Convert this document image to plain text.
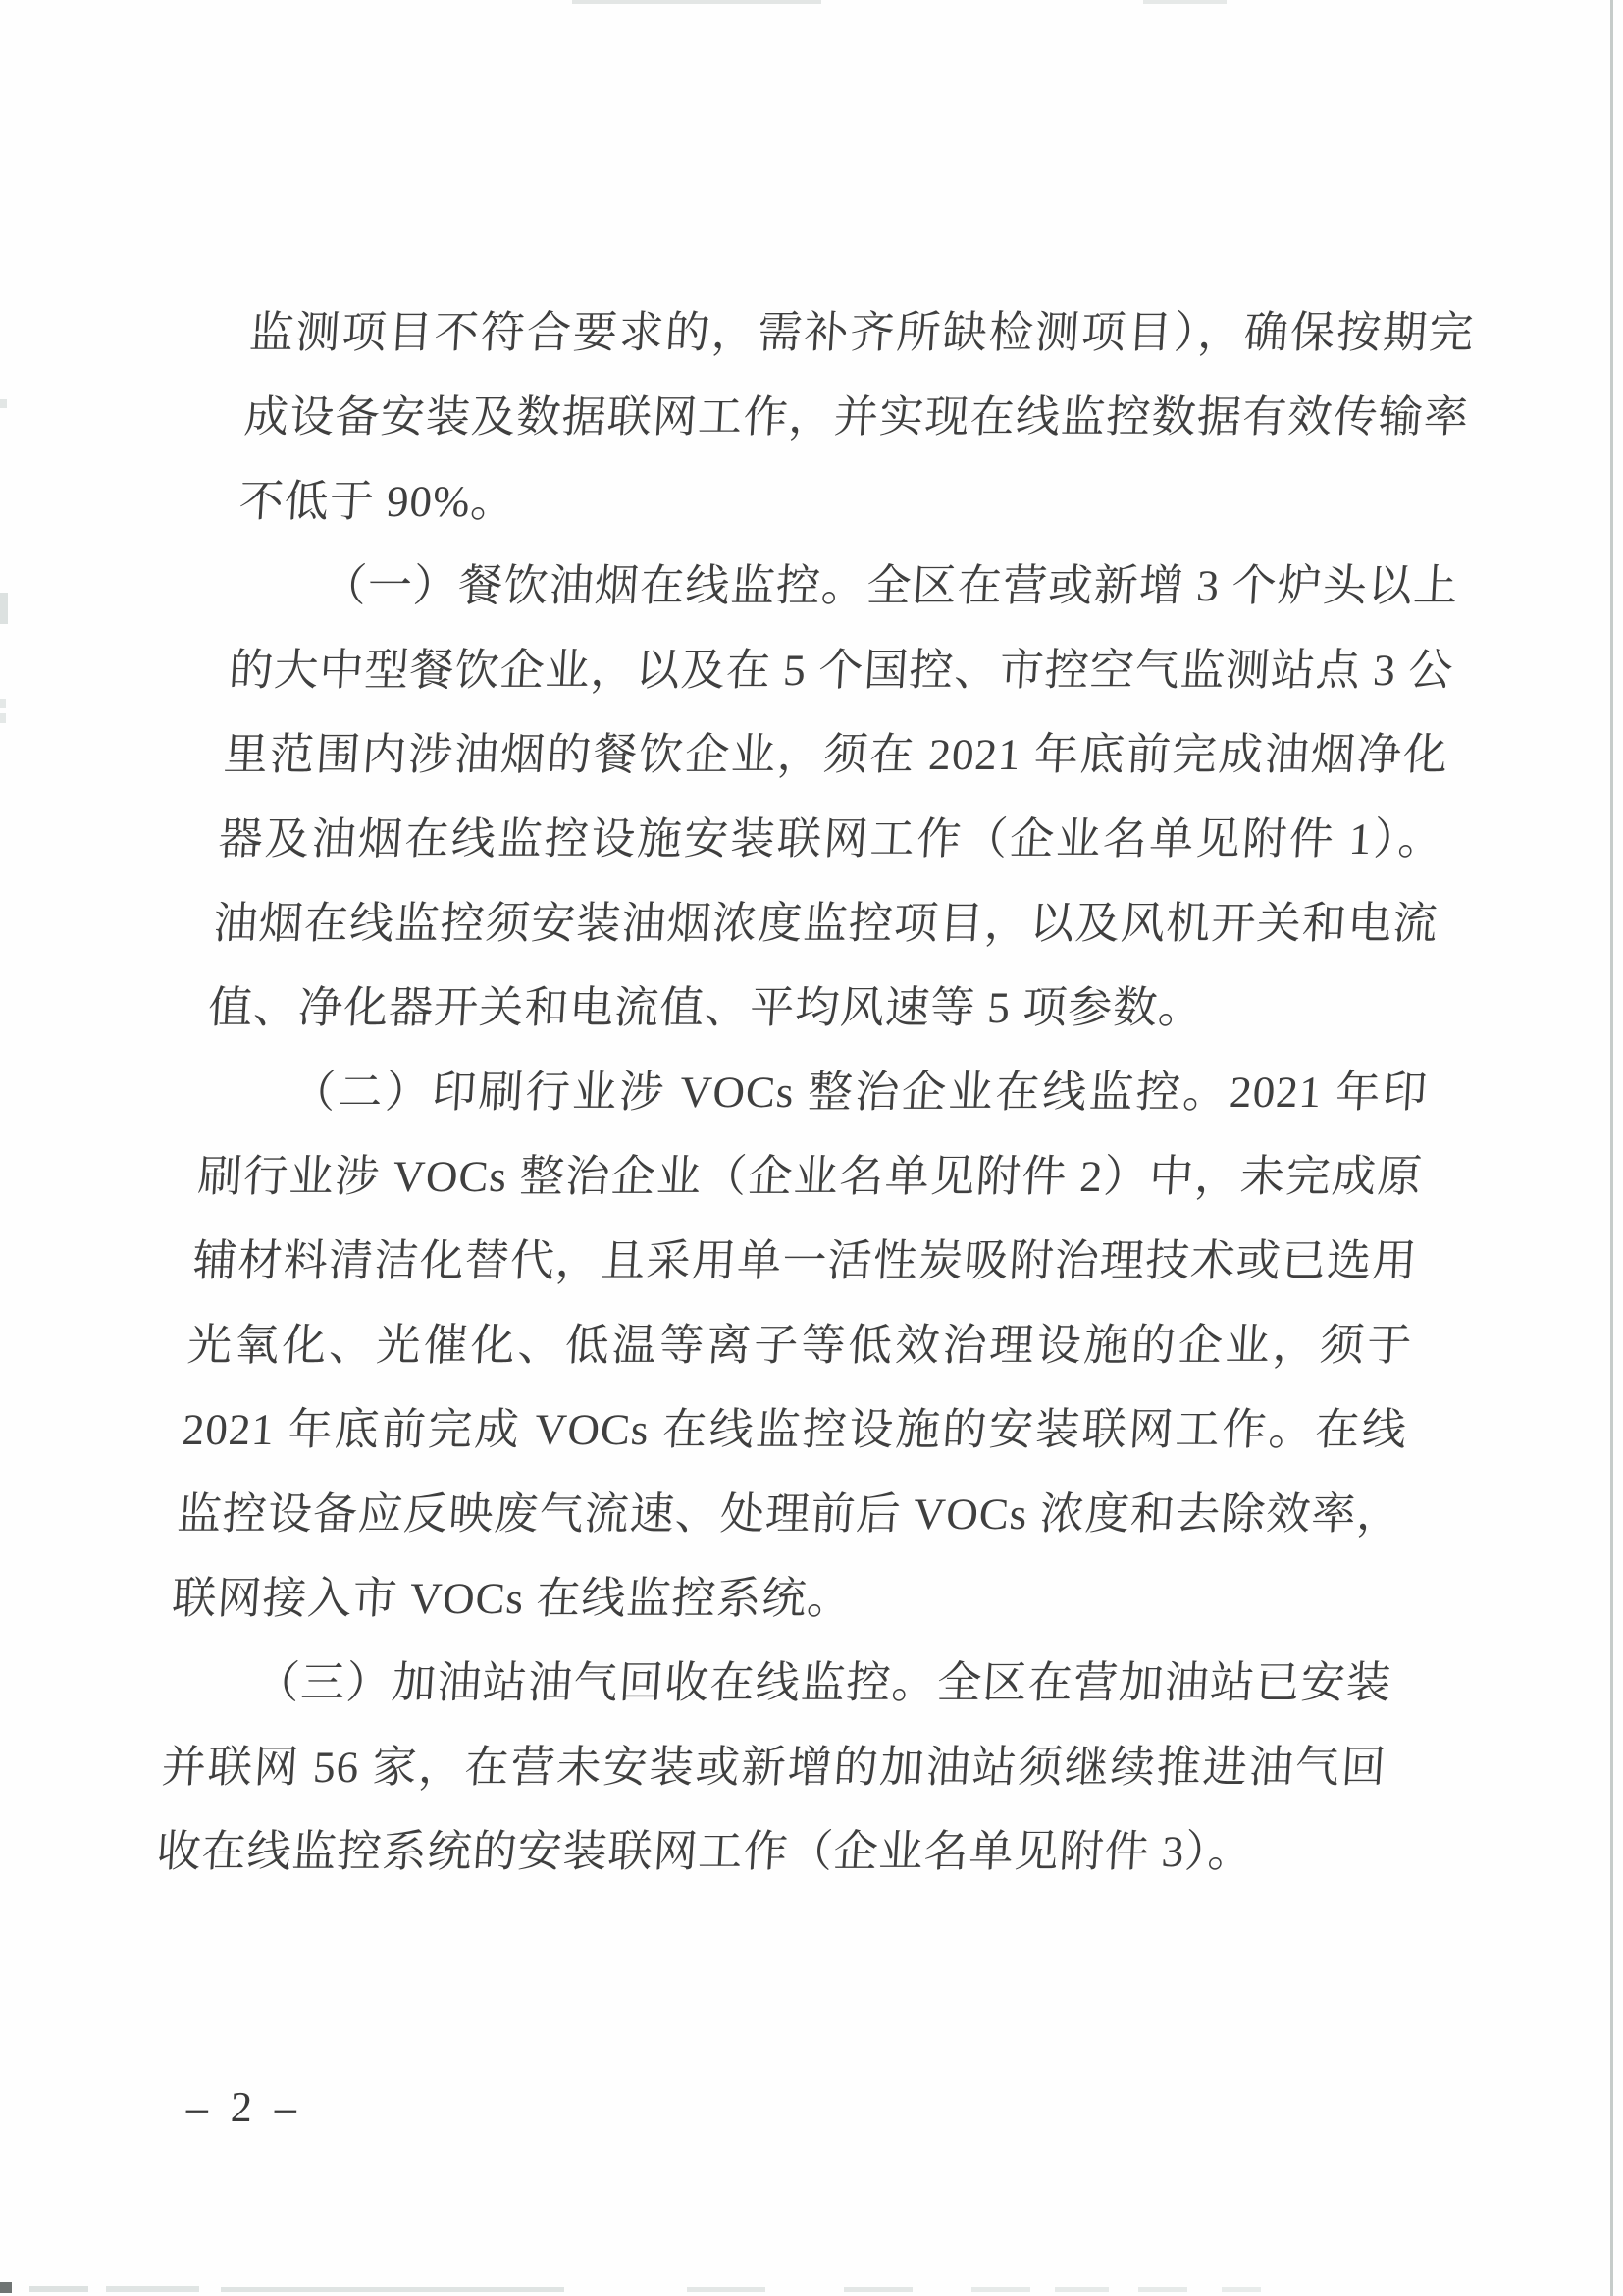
监测项目不符合要求的，需补齐所缺检测项目），确保按期完成设备安装及数据联网工作，并实现在线监控数据有效传输率不低于 90%。

（一）餐饮油烟在线监控。全区在营或新增 3 个炉头以上的大中型餐饮企业，以及在 5 个国控、市控空气监测站点 3 公里范围内涉油烟的餐饮企业，须在 2021 年底前完成油烟净化器及油烟在线监控设施安装联网工作（企业名单见附件 1）。油烟在线监控须安装油烟浓度监控项目，以及风机开关和电流值、净化器开关和电流值、平均风速等 5 项参数。

（二）印刷行业涉 VOCs 整治企业在线监控。2021 年印刷行业涉 VOCs 整治企业（企业名单见附件 2）中，未完成原辅材料清洁化替代，且采用单一活性炭吸附治理技术或已选用光氧化、光催化、低温等离子等低效治理设施的企业，须于 2021 年底前完成 VOCs 在线监控设施的安装联网工作。在线监控设备应反映废气流速、处理前后 VOCs 浓度和去除效率，联网接入市 VOCs 在线监控系统。

（三）加油站油气回收在线监控。全区在营加油站已安装并联网 56 家，在营未安装或新增的加油站须继续推进油气回收在线监控系统的安装联网工作（企业名单见附件 3）。

– 2 –
